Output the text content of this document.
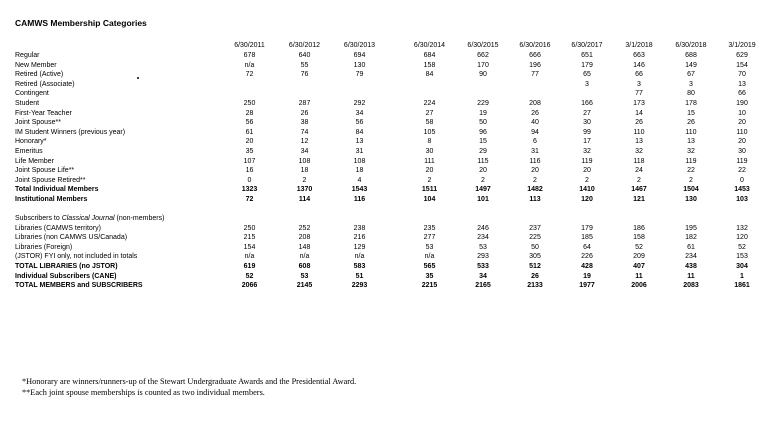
CAMWS Membership Categories
	6/30/2011	6/30/2012	6/30/2013		6/30/2014	6/30/2015	6/30/2016	6/30/2017	3/1/2018	6/30/2018	3/1/2019
Regular	678	640	694		684	662	666	651	663	688	629
New Member	n/a	55	130		158	170	196	179	146	149	154
Retired (Active)	72	76	79		84	90	77	65	66	67	70
Retired (Associate)								3	3	3	13
Contingent									77	80	66
Student	250	287	292		224	229	208	166	173	178	190
First-Year Teacher	28	26	34		27	19	26	27	14	15	10
Joint Spouse**	56	38	56		58	50	40	30	26	26	20
IM Student Winners (previous year)	61	74	84		105	96	94	99	110	110	110
Honorary*	20	12	13		8	15	6	17	13	13	20
Emeritus	35	34	31		30	29	31	32	32	32	30
Life Member	107	108	108		111	115	116	119	118	119	119
Joint Spouse Life**	16	18	18		20	20	20	20	24	22	22
Joint Spouse Retired**	0	2	4		2	2	2	2	2	2	0
Total Individual Members	1323	1370	1543		1511	1497	1482	1410	1467	1504	1453
Institutional Members	72	114	116		104	101	113	120	121	130	103

Subscribers to Classical Journal (non-members)											
Libraries (CAMWS territory)	250	252	238		235	246	237	179	186	195	132
Libraries (non CAMWS US/Canada)	215	208	216		277	234	225	185	158	182	120
Libraries (Foreign)	154	148	129		53	53	50	64	52	61	52
(JSTOR) FYI only, not included in totals	n/a	n/a	n/a		n/a	293	305	226	209	234	153
TOTAL LIBRARIES (no JSTOR)	619	608	583		565	533	512	428	407	438	304
Individual Subscribers (CANE)	52	53	51		35	34	26	19	11	11	1
TOTAL MEMBERS and SUBSCRIBERS	2066	2145	2293		2215	2165	2133	1977	2006	2083	1861
*Honorary are winners/runners-up of the Stewart Undergraduate Awards and the Presidential Award.
**Each joint spouse memberships is counted as two individual members.
